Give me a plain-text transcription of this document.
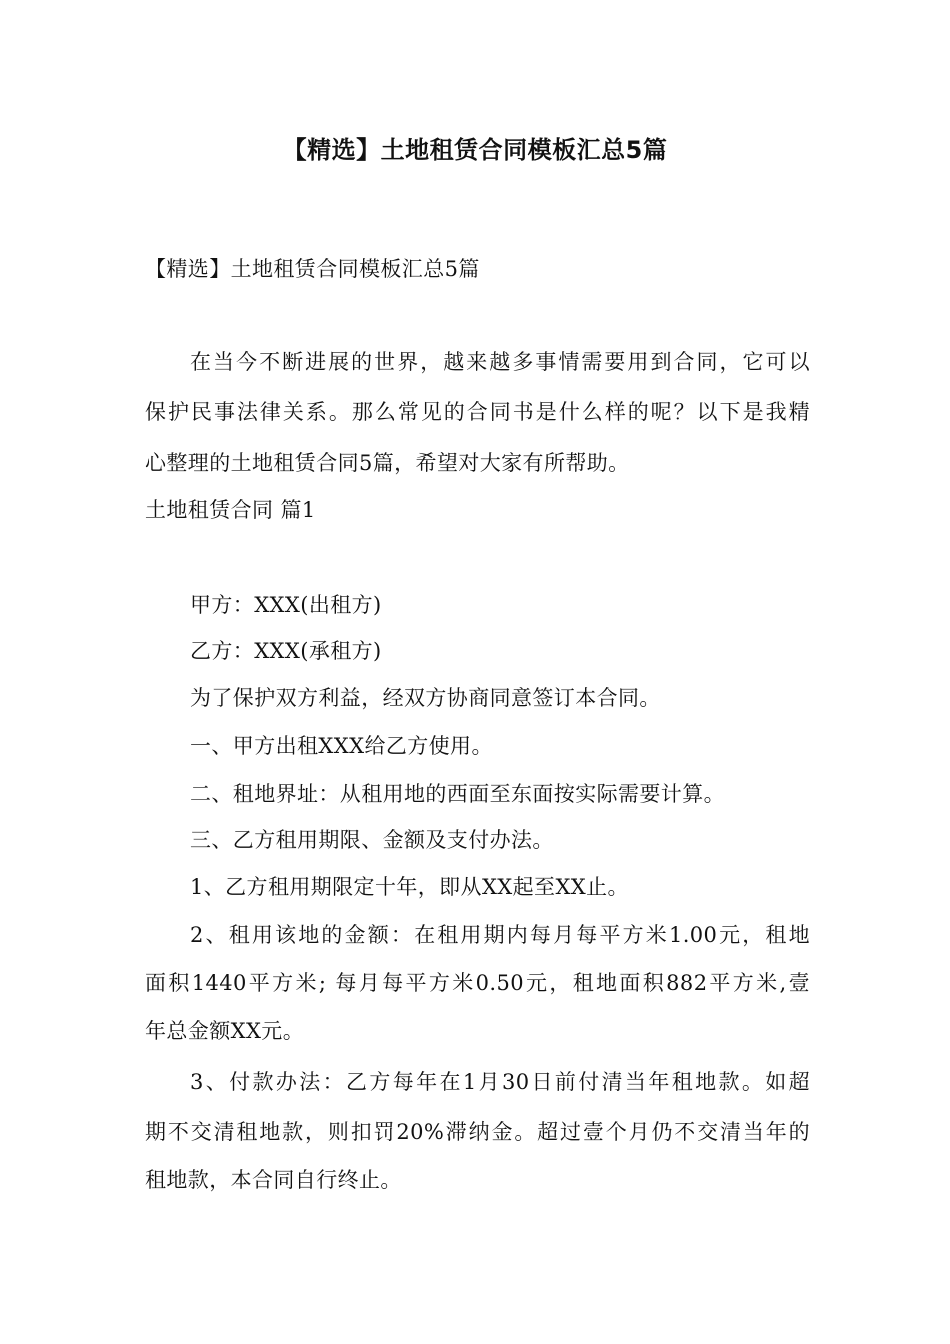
【精选】土地租赁合同模板汇总5篇
【精选】土地租赁合同模板汇总5篇
在当今不断进展的世界，越来越多事情需要用到合同，它可以
保护民事法律关系。那么常见的合同书是什么样的呢？以下是我精
心整理的土地租赁合同5篇，希望对大家有所帮助。
土地租赁合同 篇1
甲方：XXX(出租方)
乙方：XXX(承租方)
为了保护双方利益，经双方协商同意签订本合同。
一、甲方出租XXX给乙方使用。
二、租地界址：从租用地的西面至东面按实际需要计算。
三、乙方租用期限、金额及支付办法。
1、乙方租用期限定十年，即从XX起至XX止。
2、租用该地的金额：在租用期内每月每平方米1.00元，租地
面积1440平方米; 每月每平方米0.50元，租地面积882平方米,壹
年总金额XX元。
3、付款办法：乙方每年在1月30日前付清当年租地款。如超
期不交清租地款，则扣罚20%滞纳金。超过壹个月仍不交清当年的
租地款，本合同自行终止。
